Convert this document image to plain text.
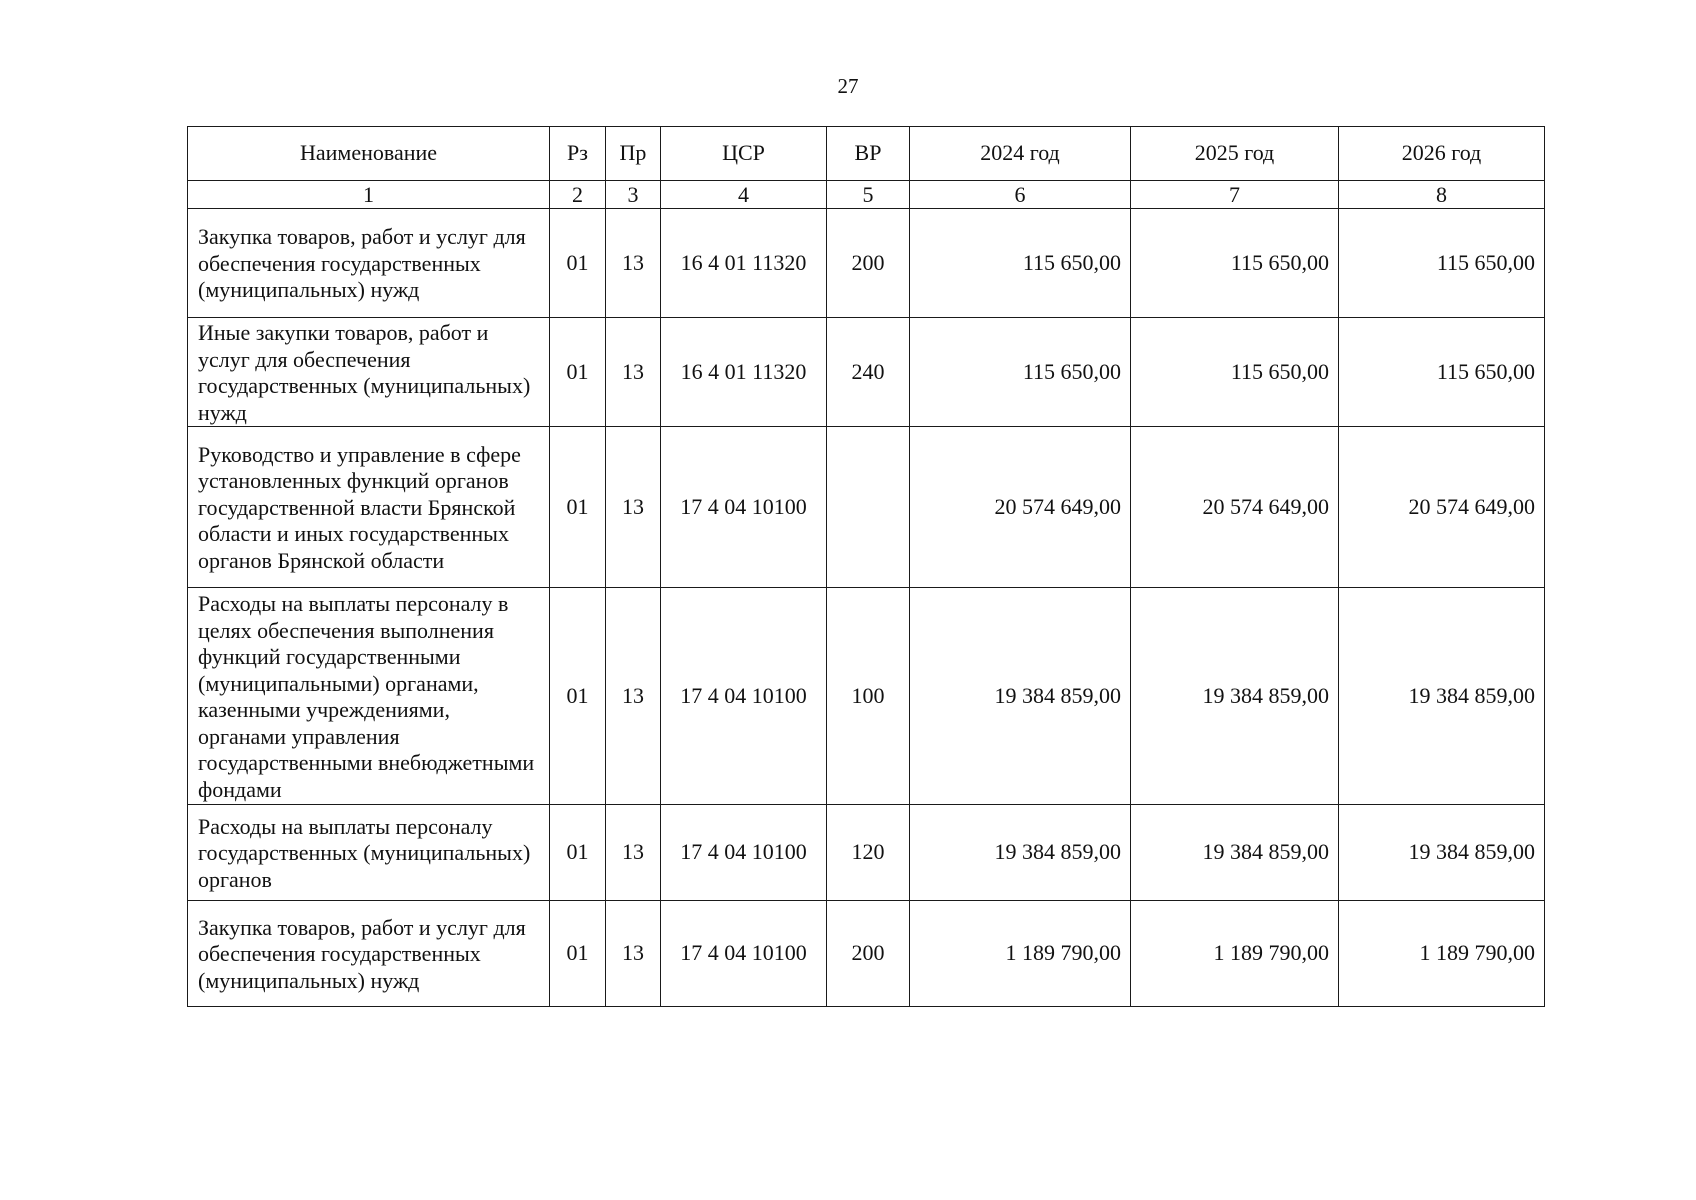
27
Наименование	Рз	Пр	ЦСР	ВР	2024 год	2025 год	2026 год
1	2	3	4	5	6	7	8
Закупка товаров, работ и услуг для обеспечения государственных (муниципальных) нужд	01	13	16 4 01 11320	200	115 650,00	115 650,00	115 650,00
Иные закупки товаров, работ и услуг для обеспечения государственных (муниципальных) нужд	01	13	16 4 01 11320	240	115 650,00	115 650,00	115 650,00
Руководство и управление в сфере установленных функций органов государственной власти Брянской области и иных государственных органов Брянской области	01	13	17 4 04 10100		20 574 649,00	20 574 649,00	20 574 649,00
Расходы на выплаты персоналу в целях обеспечения выполнения функций государственными (муниципальными) органами, казенными учреждениями, органами управления государственными внебюджетными фондами	01	13	17 4 04 10100	100	19 384 859,00	19 384 859,00	19 384 859,00
Расходы на выплаты персоналу государственных (муниципальных) органов	01	13	17 4 04 10100	120	19 384 859,00	19 384 859,00	19 384 859,00
Закупка товаров, работ и услуг для обеспечения государственных (муниципальных) нужд	01	13	17 4 04 10100	200	1 189 790,00	1 189 790,00	1 189 790,00
